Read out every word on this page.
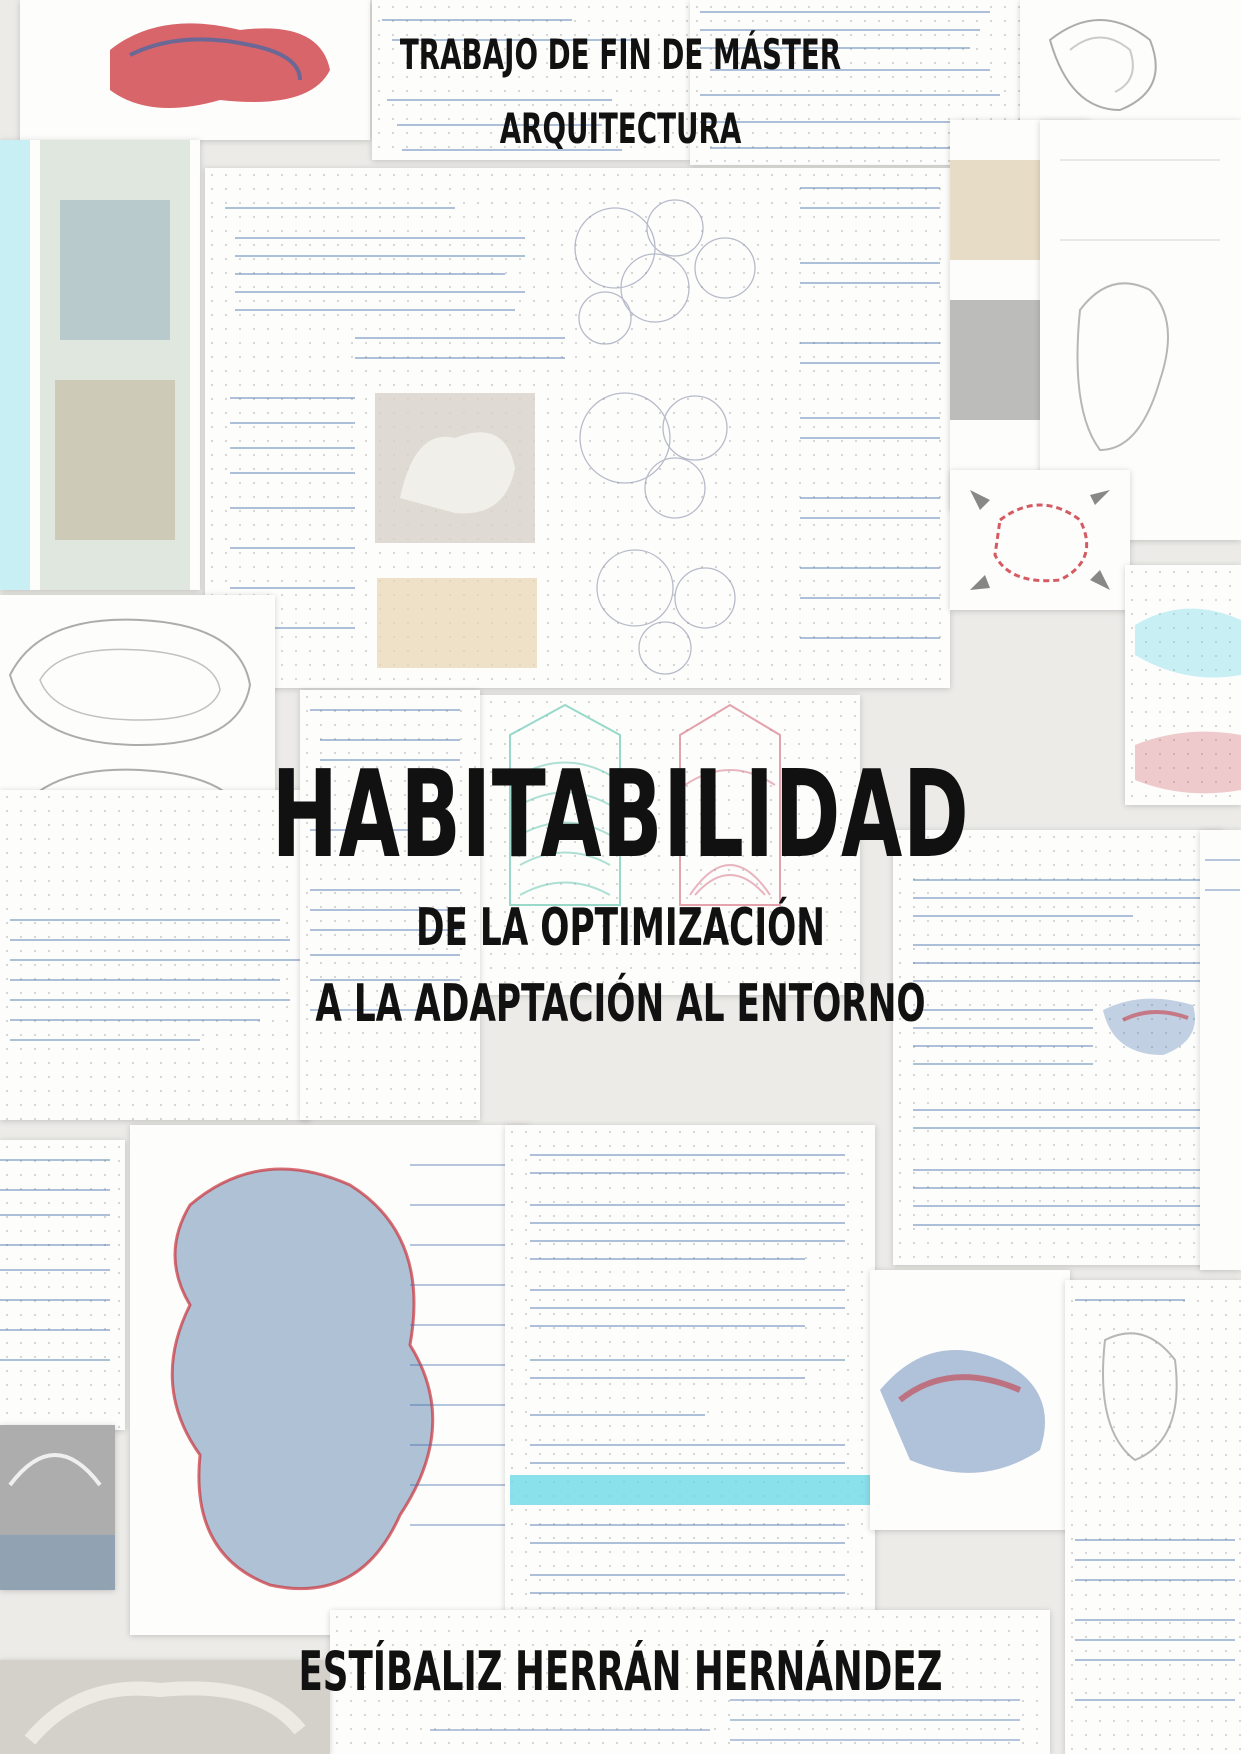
TRABAJO DE FIN DE MÁSTER
ARQUITECTURA
HABITABILIDAD
DE LA OPTIMIZACIÓN
A LA ADAPTACIÓN AL ENTORNO
ESTÍBALIZ HERRÁN HERNÁNDEZ
